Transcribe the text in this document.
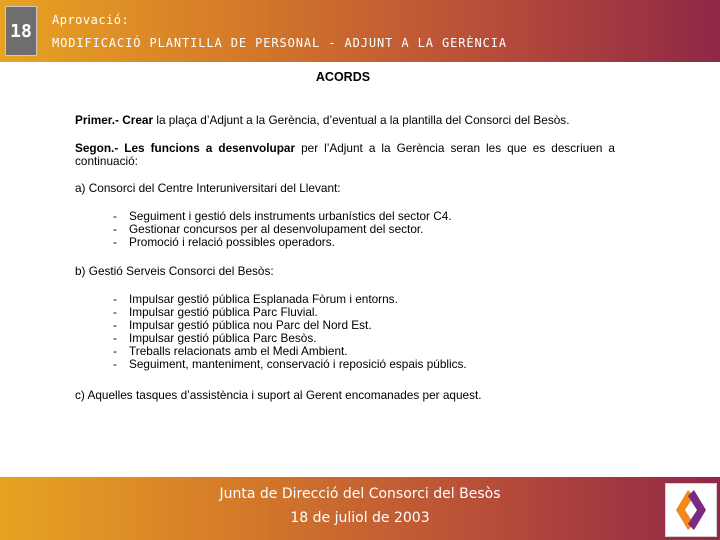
18
Aprovació:
MODIFICACIÓ PLANTILLA DE PERSONAL - ADJUNT A LA GERÈNCIA
ACORDS
Primer.- Crear la plaça d’Adjunt a la Gerència, d’eventual a la plantilla del Consorci del Besòs.
Segon.- Les funcions a desenvolupar per l’Adjunt a la Gerència seran les que es descriuen a
continuació:
a) Consorci del Centre Interuniversitari del Llevant:
- Seguiment i gestió dels instruments urbanístics del sector C4.
- Gestionar concursos per al desenvolupament del sector.
- Promoció i relació possibles operadors.
b) Gestió Serveis Consorci del Besòs:
- Impulsar gestió pública Esplanada Fòrum i entorns.
- Impulsar gestió pública Parc Fluvial.
- Impulsar gestió pública nou Parc del Nord Est.
- Impulsar gestió pública Parc Besòs.
- Treballs relacionats amb el Medi Ambient.
- Seguiment, manteniment, conservació i reposició espais públics.
c) Aquelles tasques d’assistència i suport al Gerent encomanades per aquest.
Junta de Direcció del Consorci del Besòs
18 de juliol de 2003
